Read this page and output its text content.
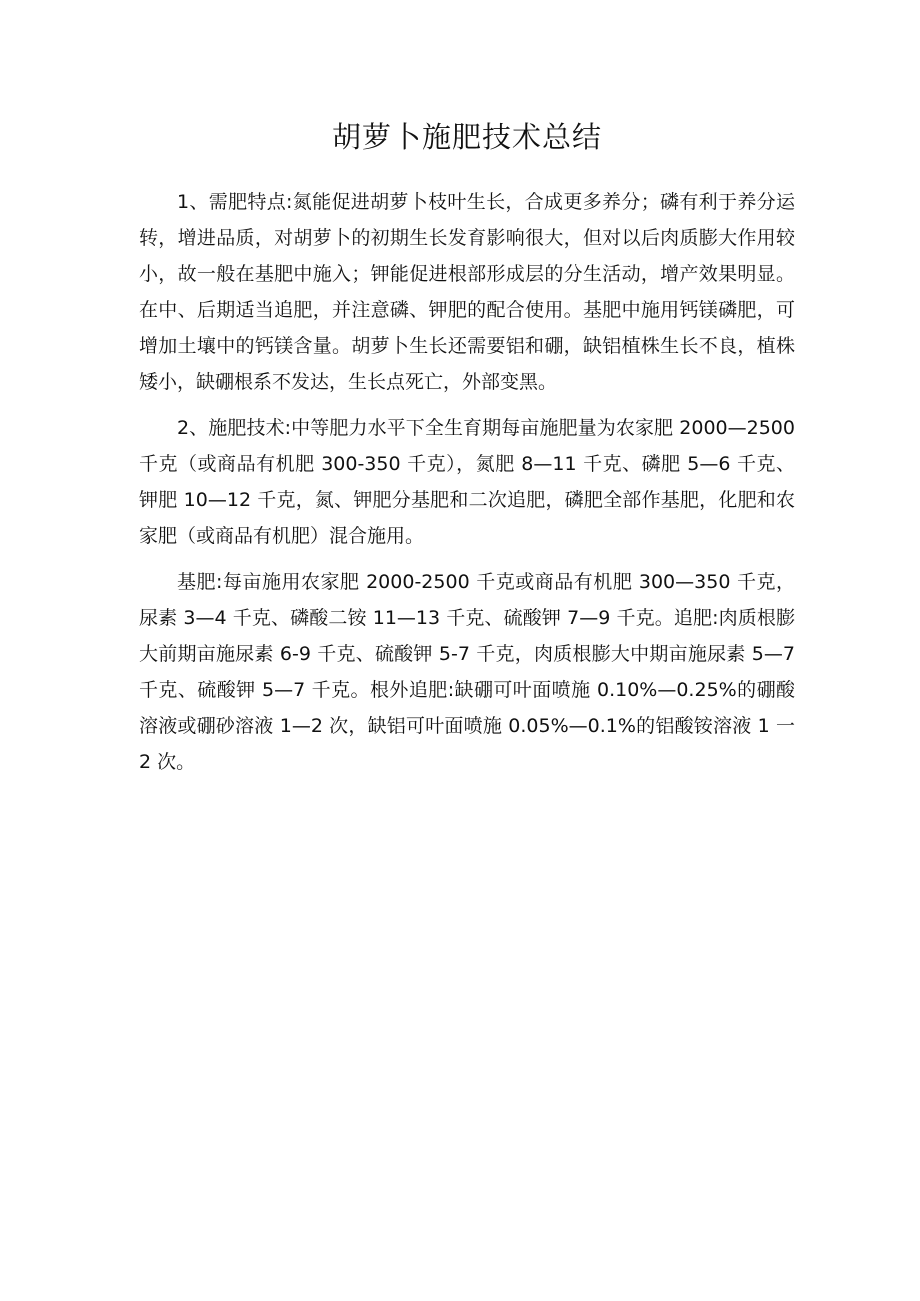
胡萝卜施肥技术总结

1、需肥特点:氮能促进胡萝卜枝叶生长，合成更多养分；磷有利于养分运转，增进品质，对胡萝卜的初期生长发育影响很大，但对以后肉质膨大作用较小，故一般在基肥中施入；钾能促进根部形成层的分生活动，增产效果明显。在中、后期适当追肥，并注意磷、钾肥的配合使用。基肥中施用钙镁磷肥，可增加土壤中的钙镁含量。胡萝卜生长还需要铝和硼，缺铝植株生长不良，植株矮小，缺硼根系不发达，生长点死亡，外部变黑。

2、施肥技术:中等肥力水平下全生育期每亩施肥量为农家肥 2000—2500 千克（或商品有机肥 300-350 千克），氮肥 8—11 千克、磷肥 5—6 千克、钾肥 10—12 千克，氮、钾肥分基肥和二次追肥，磷肥全部作基肥，化肥和农家肥（或商品有机肥）混合施用。

基肥:每亩施用农家肥 2000-2500 千克或商品有机肥 300—350 千克，尿素 3—4 千克、磷酸二铵 11—13 千克、硫酸钾 7—9 千克。追肥:肉质根膨大前期亩施尿素 6-9 千克、硫酸钾 5-7 千克，肉质根膨大中期亩施尿素 5—7 千克、硫酸钾 5—7 千克。根外追肥:缺硼可叶面喷施 0.10%—0.25%的硼酸溶液或硼砂溶液 1—2 次，缺铝可叶面喷施 0.05%—0.1%的铝酸铵溶液 1 一 2 次。
